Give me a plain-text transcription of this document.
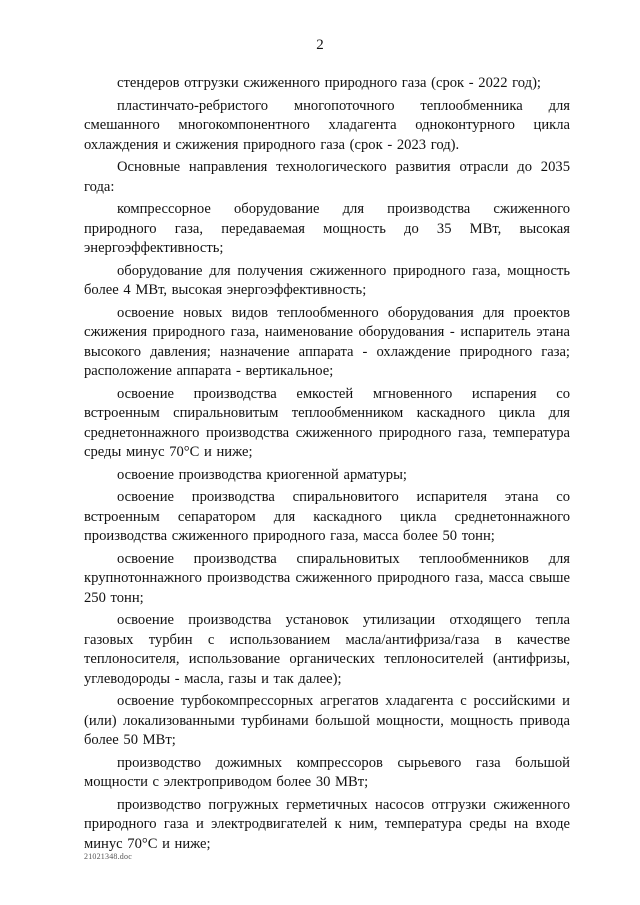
2

стендеров отгрузки сжиженного природного газа (срок - 2022 год);

пластинчато-ребристого многопоточного теплообменника для смешанного многокомпонентного хладагента одноконтурного цикла охлаждения и сжижения природного газа (срок - 2023 год).

Основные направления технологического развития отрасли до 2035 года:

компрессорное оборудование для производства сжиженного природного газа, передаваемая мощность до 35 МВт, высокая энергоэффективность;

оборудование для получения сжиженного природного газа, мощность более 4 МВт, высокая энергоэффективность;

освоение новых видов теплообменного оборудования для проектов сжижения природного газа, наименование оборудования - испаритель этана высокого давления; назначение аппарата - охлаждение природного газа; расположение аппарата - вертикальное;

освоение производства емкостей мгновенного испарения со встроенным спиральновитым теплообменником каскадного цикла для среднетоннажного производства сжиженного природного газа, температура среды минус 70°С и ниже;

освоение производства криогенной арматуры;

освоение производства спиральновитого испарителя этана со встроенным сепаратором для каскадного цикла среднетоннажного производства сжиженного природного газа, масса более 50 тонн;

освоение производства спиральновитых теплообменников для крупнотоннажного производства сжиженного природного газа, масса свыше 250 тонн;

освоение производства установок утилизации отходящего тепла газовых турбин с использованием масла/антифриза/газа в качестве теплоносителя, использование органических теплоносителей (антифризы, углеводороды - масла, газы и так далее);

освоение турбокомпрессорных агрегатов хладагента с российскими и (или) локализованными турбинами большой мощности, мощность привода более 50 МВт;

производство дожимных компрессоров сырьевого газа большой мощности с электроприводом более 30 МВт;

производство погружных герметичных насосов отгрузки сжиженного природного газа и электродвигателей к ним, температура среды на входе минус 70°С и ниже;

21021348.doc
